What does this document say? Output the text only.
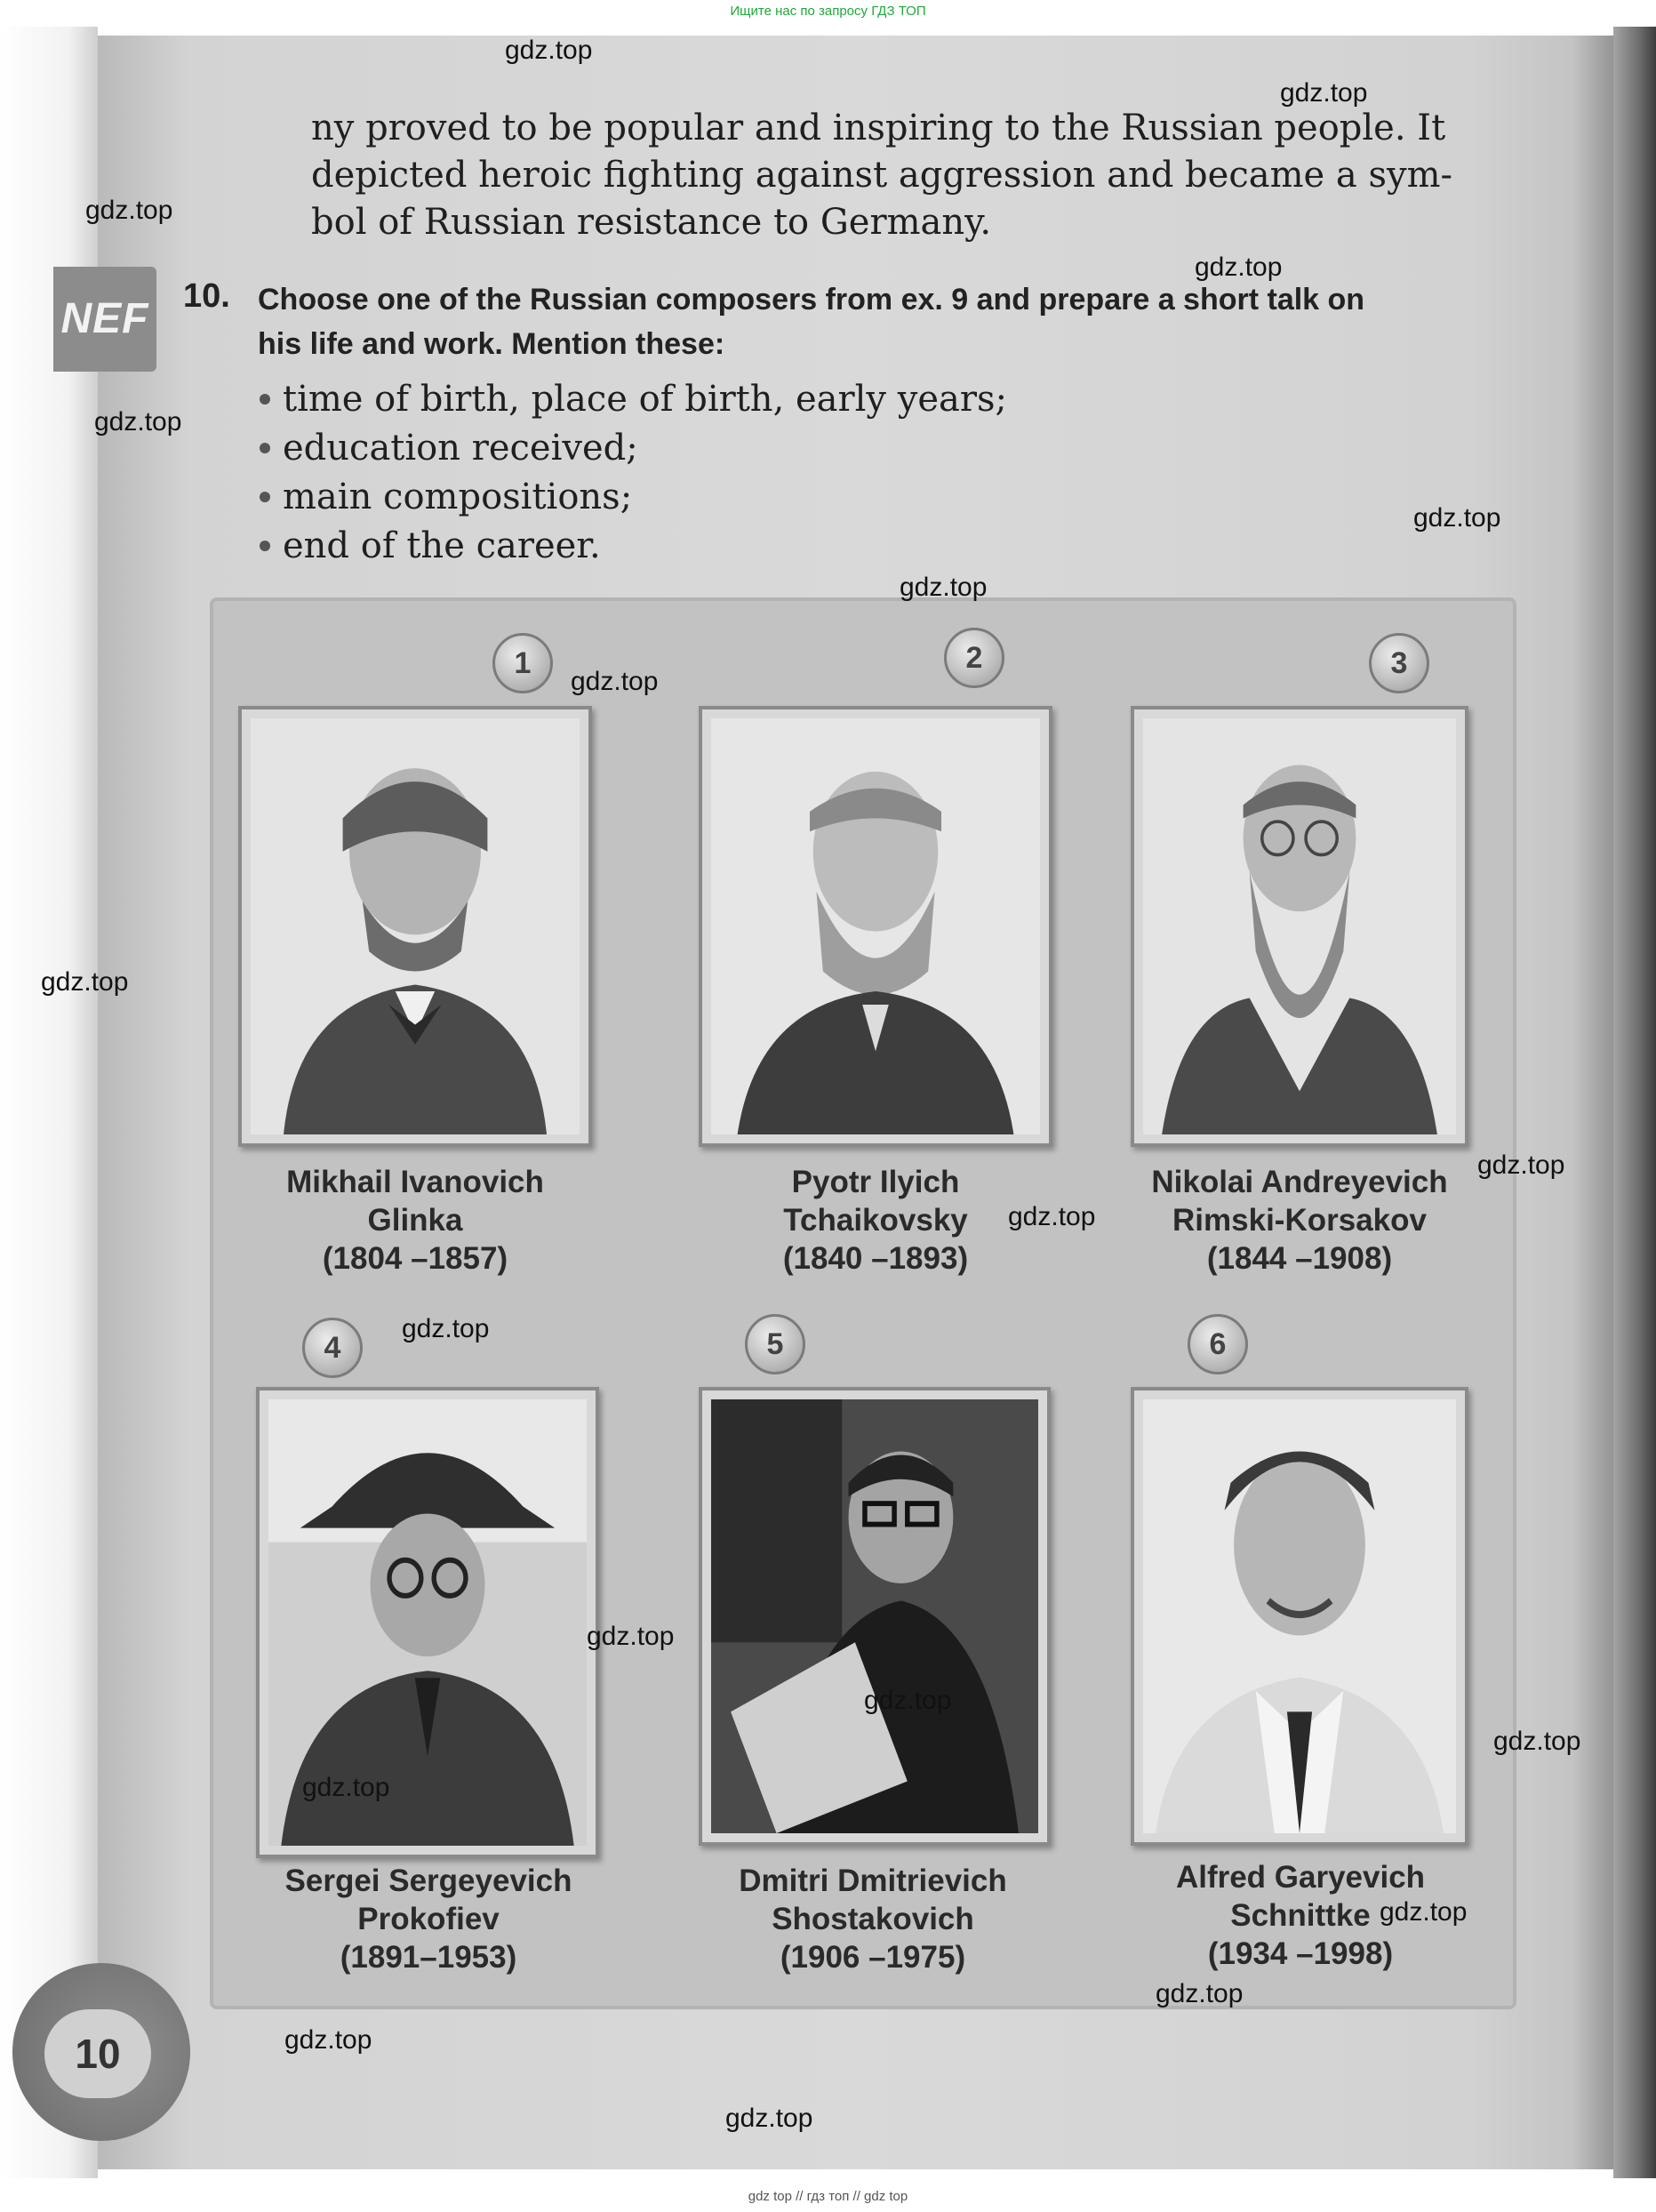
Ищите нас по запросу ГДЗ ТОП

ny proved to be popular and inspiring to the Russian people. It
depicted heroic fighting against aggression and became a sym-
bol of Russian resistance to Germany.
NEF 10. Choose one of the Russian composers from ex. 9 and prepare a short talk on
his life and work. Mention these:
time of birth, place of birth, early years;
education received;
main compositions;
end of the career.
1	2	3
Mikhail Ivanovich
Glinka
(1804 –1857)
Pyotr Ilyich
Tchaikovsky
(1840 –1893)
Nikolai Andreyevich
Rimski-Korsakov
(1844 –1908)
4	5	6
Sergei Sergeyevich
Prokofiev
(1891–1953)
Dmitri Dmitrievich
Shostakovich
(1906 –1975)
Alfred Garyevich
Schnittke
(1934 –1998)
10
gdz.top
gdz.top
gdz.top
gdz.top
gdz.top
gdz.top
gdz.top
gdz.top
gdz.top
gdz.top
gdz.top
gdz.top
gdz.top
gdz.top
gdz.top
gdz.top
gdz.top
gdz.top
gdz.top
gdz.top
gdz top // гдз топ // gdz top
